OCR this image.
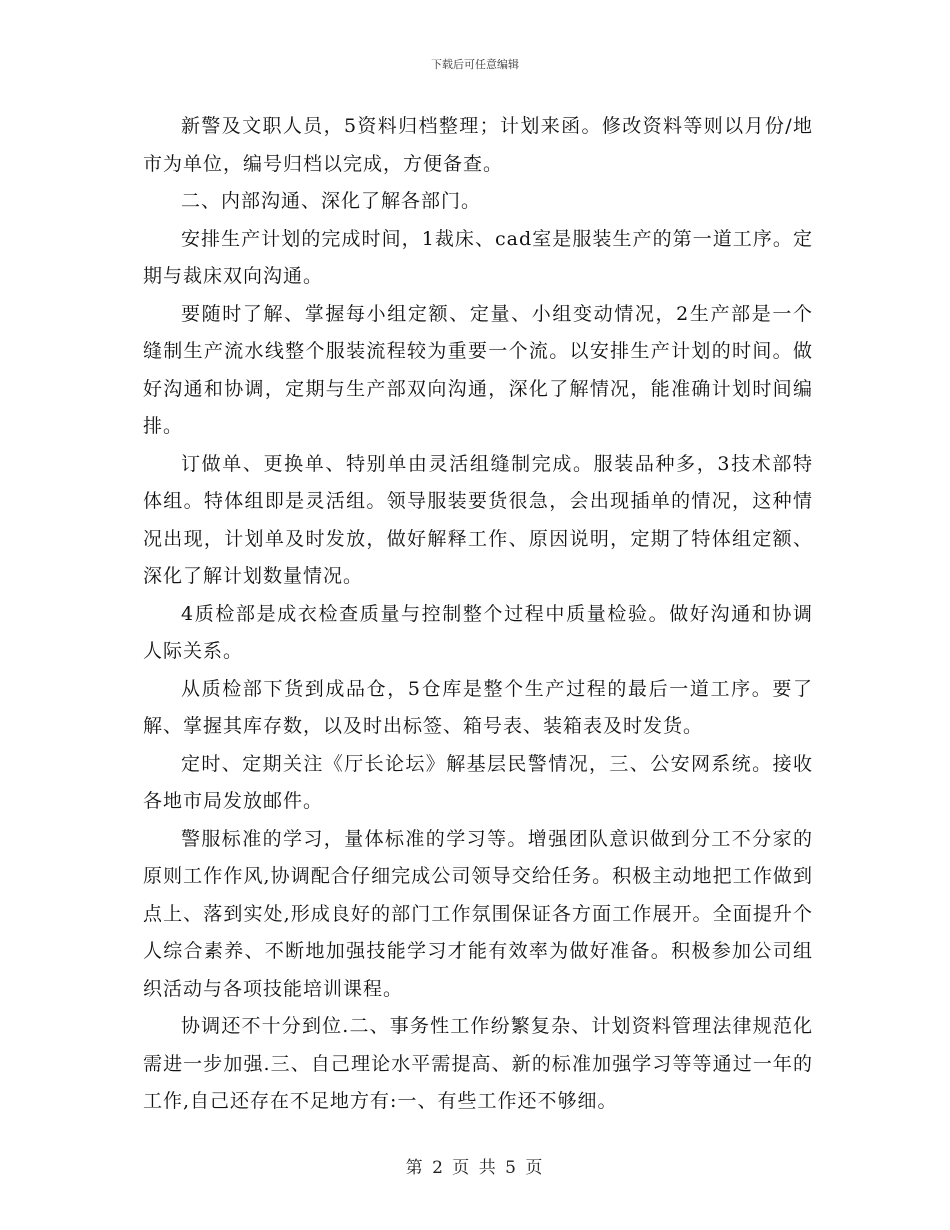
下载后可任意编辑

新警及文职人员，5资料归档整理；计划来函。修改资料等则以月份/地市为单位，编号归档以完成，方便备查。

二、内部沟通、深化了解各部门。

安排生产计划的完成时间，1裁床、cad室是服装生产的第一道工序。定期与裁床双向沟通。

要随时了解、掌握每小组定额、定量、小组变动情况，2生产部是一个缝制生产流水线整个服装流程较为重要一个流。以安排生产计划的时间。做好沟通和协调，定期与生产部双向沟通，深化了解情况，能准确计划时间编排。

订做单、更换单、特别单由灵活组缝制完成。服装品种多，3技术部特体组。特体组即是灵活组。领导服装要货很急，会出现插单的情况，这种情况出现，计划单及时发放，做好解释工作、原因说明，定期了特体组定额、深化了解计划数量情况。

4质检部是成衣检查质量与控制整个过程中质量检验。做好沟通和协调人际关系。

从质检部下货到成品仓，5仓库是整个生产过程的最后一道工序。要了解、掌握其库存数，以及时出标签、箱号表、装箱表及时发货。

定时、定期关注《厅长论坛》解基层民警情况，三、公安网系统。接收各地市局发放邮件。

警服标准的学习，量体标准的学习等。增强团队意识做到分工不分家的原则工作作风,协调配合仔细完成公司领导交给任务。积极主动地把工作做到点上、落到实处,形成良好的部门工作氛围保证各方面工作展开。全面提升个人综合素养、不断地加强技能学习才能有效率为做好准备。积极参加公司组织活动与各项技能培训课程。

协调还不十分到位.二、事务性工作纷繁复杂、计划资料管理法律规范化需进一步加强.三、自己理论水平需提高、新的标准加强学习等等通过一年的工作,自己还存在不足地方有:一、有些工作还不够细。

第 2 页 共 5 页
